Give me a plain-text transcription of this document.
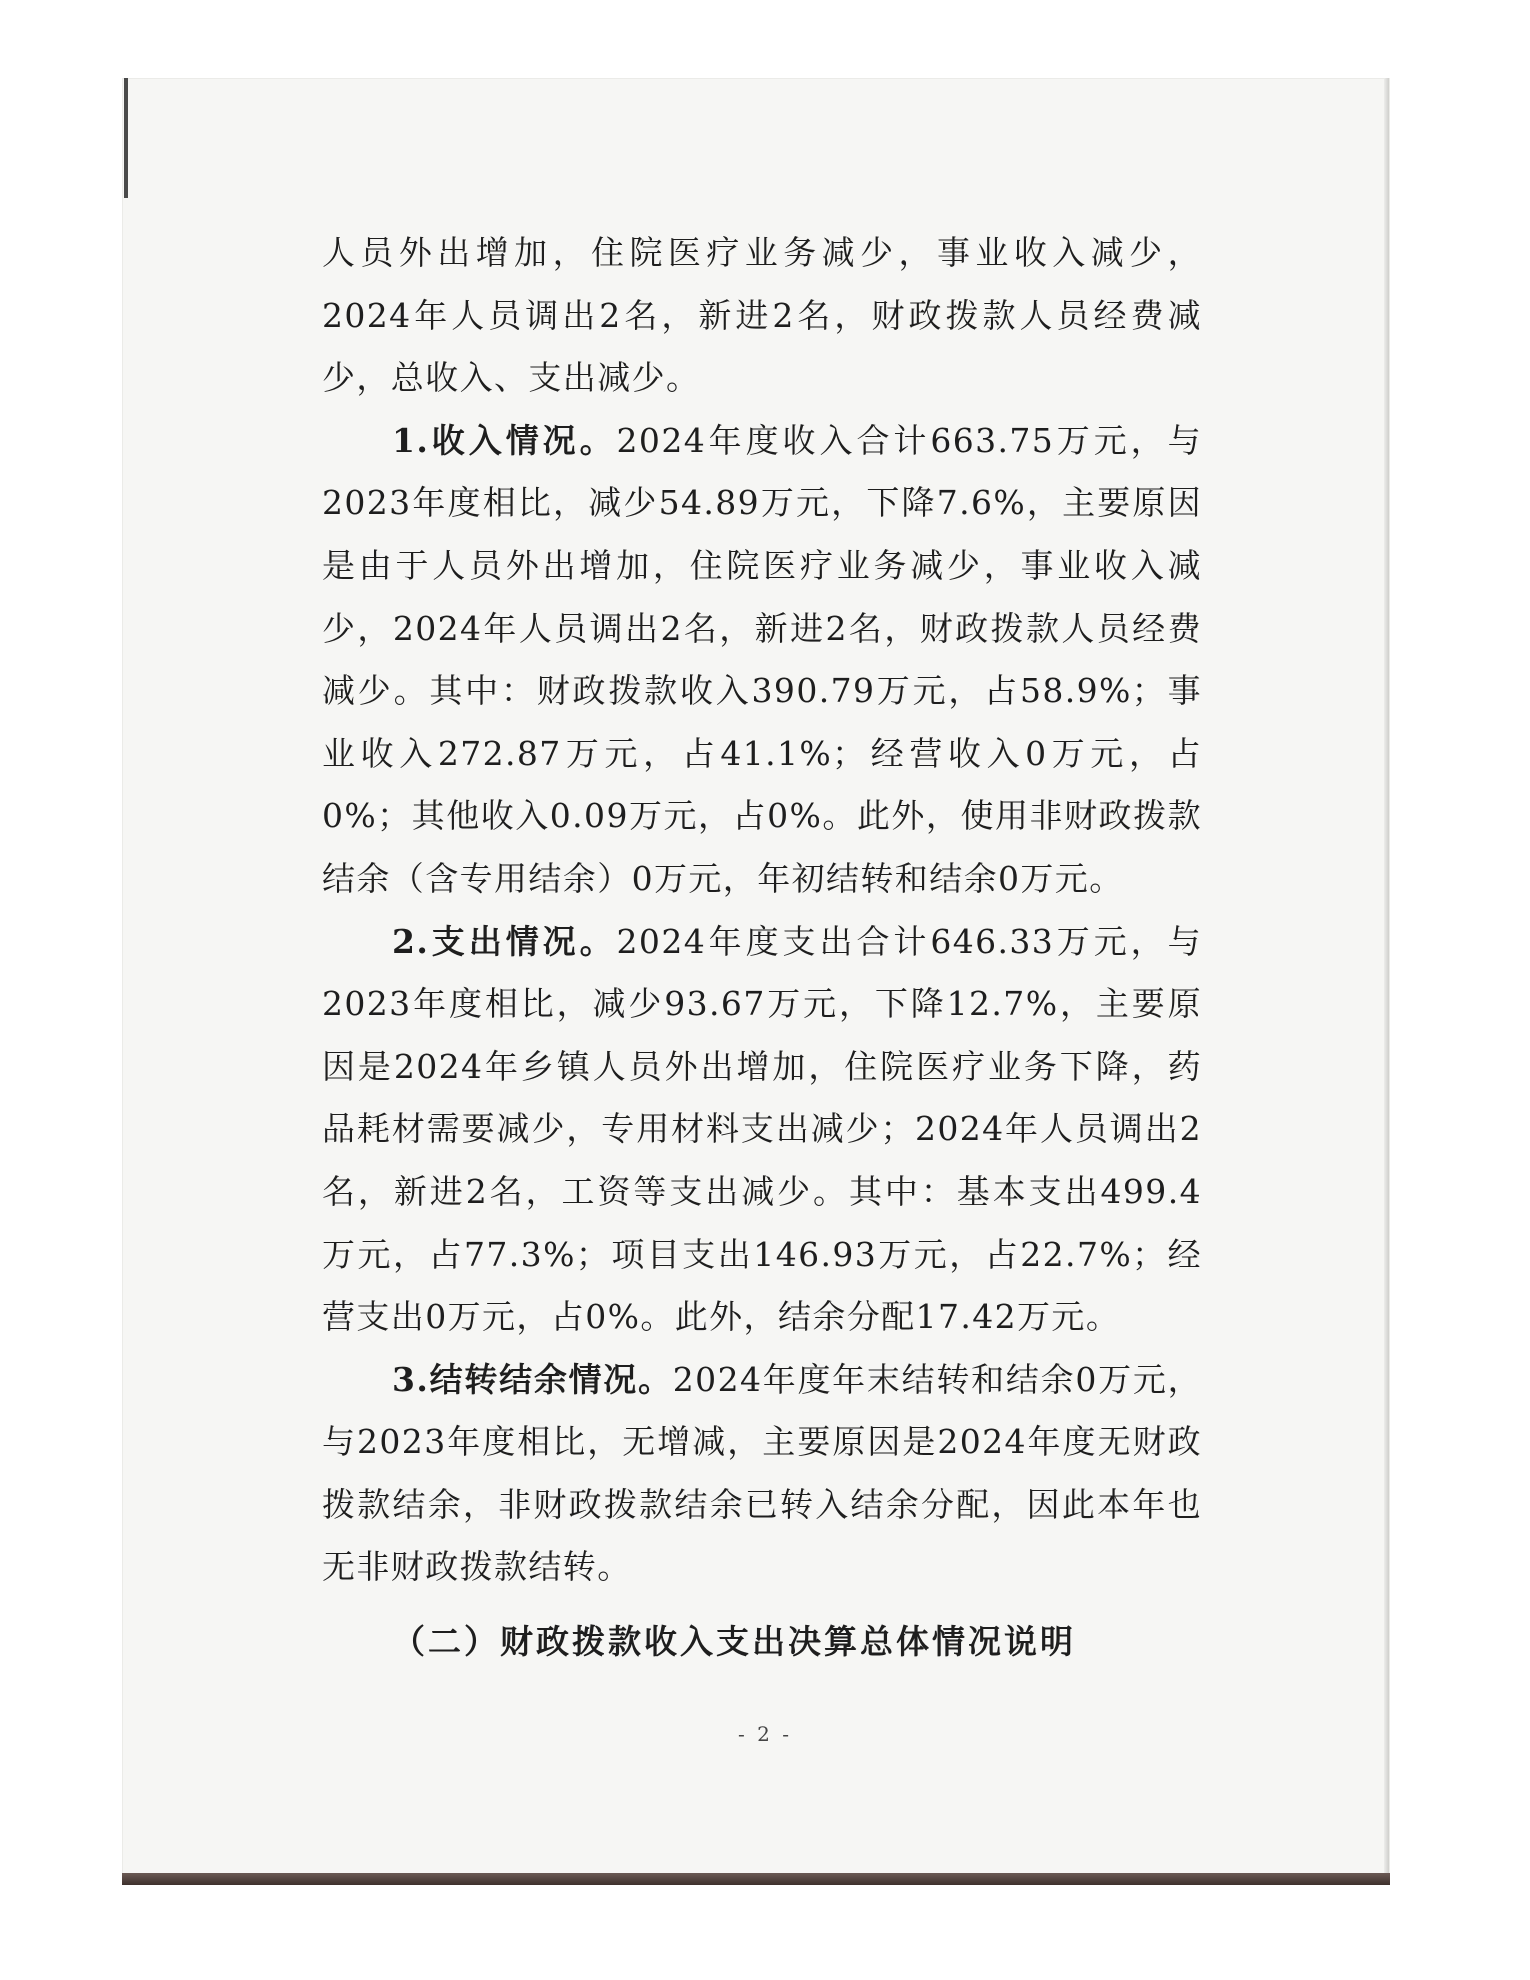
人员外出增加，住院医疗业务减少，事业收入减少，2024年人员调出2名，新进2名，财政拨款人员经费减少，总收入、支出减少。

1.收入情况。2024年度收入合计663.75万元，与2023年度相比，减少54.89万元，下降7.6%，主要原因是由于人员外出增加，住院医疗业务减少，事业收入减少，2024年人员调出2名，新进2名，财政拨款人员经费减少。其中：财政拨款收入390.79万元，占58.9%；事业收入272.87万元，占41.1%；经营收入0万元，占0%；其他收入0.09万元，占0%。此外，使用非财政拨款结余（含专用结余）0万元，年初结转和结余0万元。

2.支出情况。2024年度支出合计646.33万元，与2023年度相比，减少93.67万元，下降12.7%，主要原因是2024年乡镇人员外出增加，住院医疗业务下降，药品耗材需要减少，专用材料支出减少；2024年人员调出2名，新进2名，工资等支出减少。其中：基本支出499.4万元，占77.3%；项目支出146.93万元，占22.7%；经营支出0万元，占0%。此外，结余分配17.42万元。

3.结转结余情况。2024年度年末结转和结余0万元，与2023年度相比，无增减，主要原因是2024年度无财政拨款结余，非财政拨款结余已转入结余分配，因此本年也无非财政拨款结转。

（二）财政拨款收入支出决算总体情况说明
- 2 -
